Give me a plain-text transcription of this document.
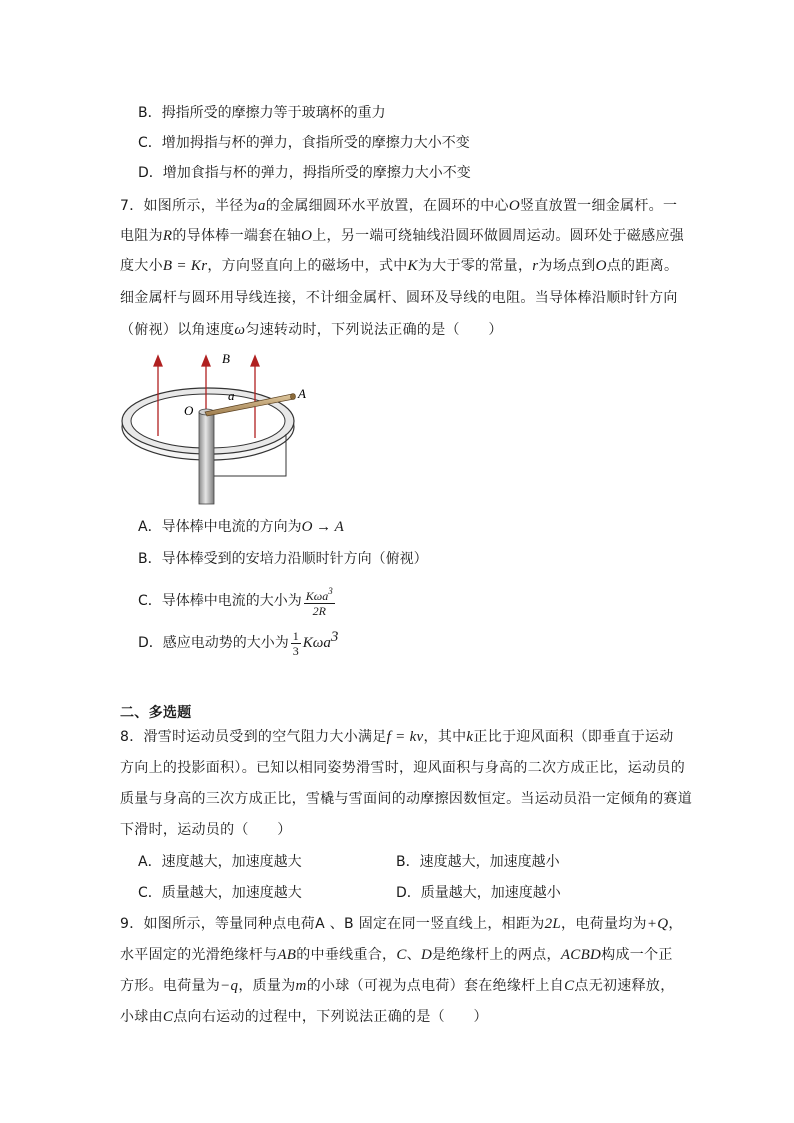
B．拇指所受的摩擦力等于玻璃杯的重力
C．增加拇指与杯的弹力，食指所受的摩擦力大小不变
D．增加食指与杯的弹力，拇指所受的摩擦力大小不变
7．如图所示，半径为a的金属细圆环水平放置，在圆环的中心O竖直放置一细金属杆。一
电阻为R的导体棒一端套在轴O上，另一端可绕轴线沿圆环做圆周运动。圆环处于磁感应强
度大小B = Kr，方向竖直向上的磁场中，式中K为大于零的常量，r为场点到O点的距离。
细金属杆与圆环用导线连接，不计细金属杆、圆环及导线的电阻。当导体棒沿顺时针方向
（俯视）以角速度ω匀速转动时，下列说法正确的是（　　）
B
O
a	A
A．导体棒中电流的方向为O → A
B．导体棒受到的安培力沿顺时针方向（俯视）
C．导体棒中电流的大小为 $\frac{K\omega a^3}{2R}$
D．感应电动势的大小为 $\frac{1}{3} K\omega a^3$
二、多选题
8．滑雪时运动员受到的空气阻力大小满足f = kv，其中k正比于迎风面积（即垂直于运动
方向上的投影面积）。已知以相同姿势滑雪时，迎风面积与身高的二次方成正比，运动员的
质量与身高的三次方成正比，雪橇与雪面间的动摩擦因数恒定。当运动员沿一定倾角的赛道
下滑时，运动员的（　　）
A．速度越大，加速度越大	B．速度越大，加速度越小
C．质量越大，加速度越大	D．质量越大，加速度越小
9．如图所示，等量同种点电荷A 、B 固定在同一竖直线上，相距为2L，电荷量均为+Q，
水平固定的光滑绝缘杆与AB的中垂线重合，C、D是绝缘杆上的两点，ACBD构成一个正
方形。电荷量为−q，质量为m的小球（可视为点电荷）套在绝缘杆上自C点无初速释放，
小球由C点向右运动的过程中，下列说法正确的是（　　）
